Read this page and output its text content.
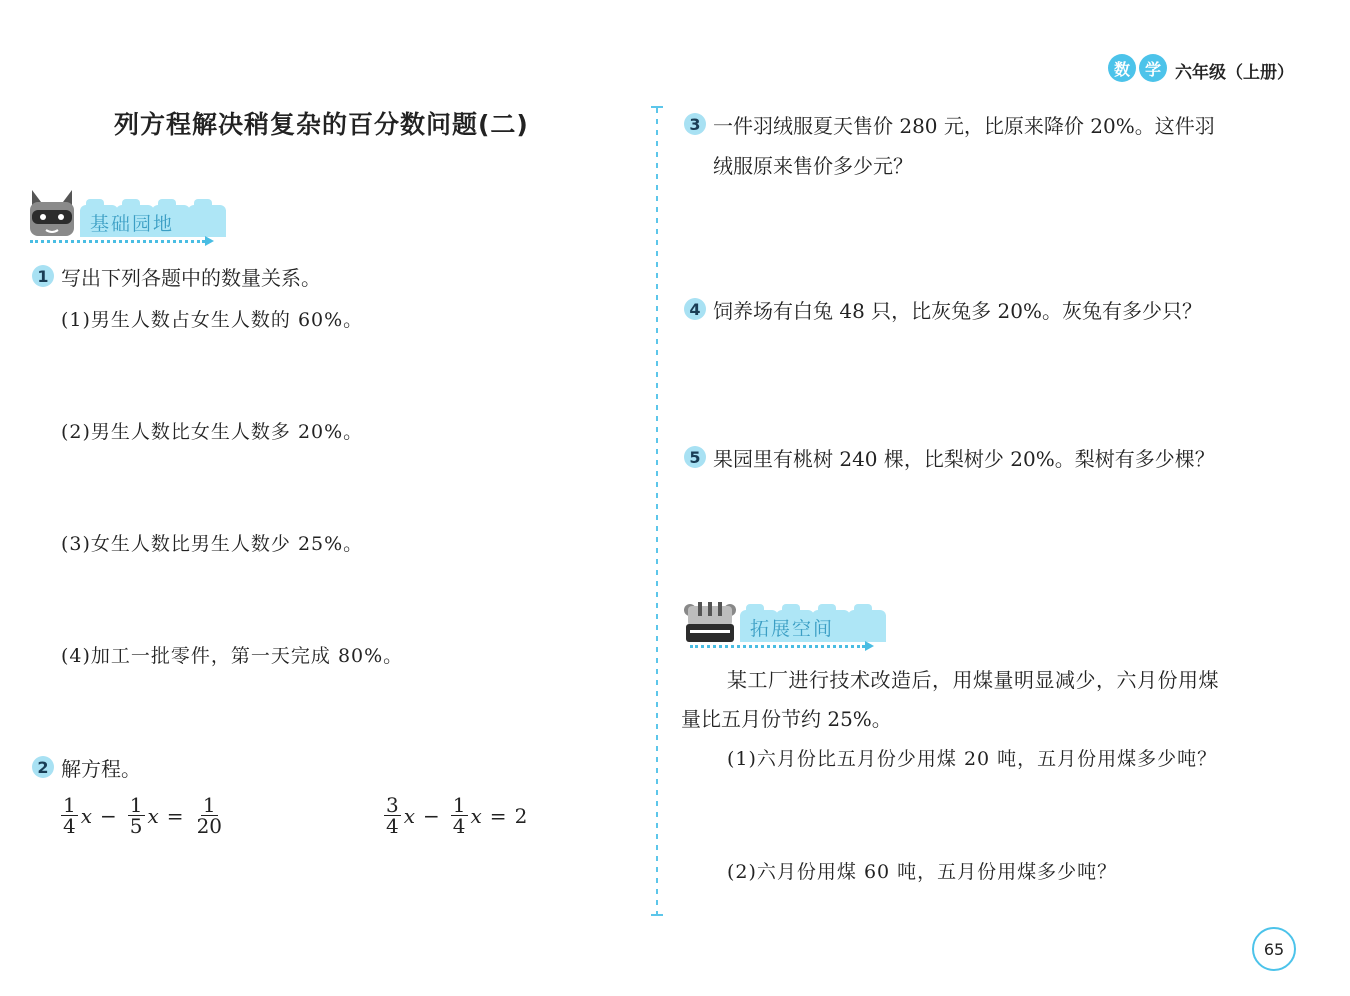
数 学 六年级（上册）
列方程解决稍复杂的百分数问题(二)
基础园地
1 写出下列各题中的数量关系。
(1)男生人数占女生人数的 60%。
(2)男生人数比女生人数多 20%。
(3)女生人数比男生人数少 25%。
(4)加工一批零件，第一天完成 80%。
2 解方程。
$\frac{1}{4}$ $x - \frac{1}{5}$ $x = \frac{1}{20}$	$\frac{3}{4}$ $x - \frac{1}{4}$ x = 2
3 一件羽绒服夏天售价 280 元，比原来降价 20%。这件羽
绒服原来售价多少元？
4 饲养场有白兔 48 只，比灰兔多 20%。灰兔有多少只？
5 果园里有桃树 240 棵，比梨树少 20%。梨树有多少棵？
拓展空间
某工厂进行技术改造后，用煤量明显减少，六月份用煤
量比五月份节约 25%。
(1)六月份比五月份少用煤 20 吨，五月份用煤多少吨？
(2)六月份用煤 60 吨，五月份用煤多少吨？
65
